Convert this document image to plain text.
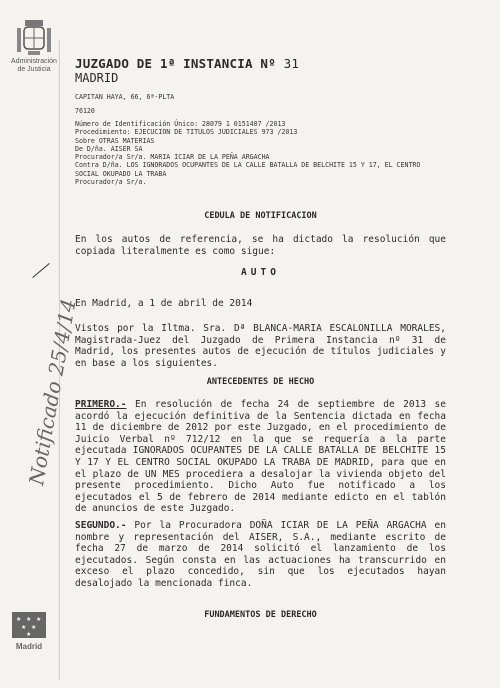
Administración
de Justicia
Notificado 25/4/14
★ ★ ★
★ ★
★
Madrid
JUZGADO DE 1ª INSTANCIA Nº 31
MADRID
CAPITAN HAYA, 66, 6ª-PLTA
76120
Número de Identificación Único: 28079 1 0151407 /2013
Procedimiento: EJECUCION DE TITULOS JUDICIALES 973 /2013
Sobre OTRAS MATERIAS
De D/ña. AISER SA
Procurador/a Sr/a. MARIA ICIAR DE LA PEÑA ARGACHA
Contra D/ña. LOS IGNORADOS OCUPANTES DE LA CALLE BATALLA DE BELCHITE 15 Y 17, EL CENTRO
SOCIAL OKUPADO LA TRABA
Procurador/a Sr/a.
CEDULA DE NOTIFICACION
En los autos de referencia, se ha dictado la resolución que copiada literalmente es como sigue:
AUTO
En Madrid, a 1 de abril de 2014
Vistos por la Iltma. Sra. Dª BLANCA-MARIA ESCALONILLA MORALES, Magistrada-Juez del Juzgado de Primera Instancia nº 31 de Madrid, los presentes autos de ejecución de títulos judiciales y en base a los siguientes.
ANTECEDENTES DE HECHO
PRIMERO.- En resolución de fecha 24 de septiembre de 2013 se acordó la ejecución definitiva de la Sentencia dictada en fecha 11 de diciembre de 2012 por este Juzgado, en el procedimiento de Juicio Verbal nº 712/12 en la que se requería a la parte ejecutada IGNORADOS OCUPANTES DE LA CALLE BATALLA DE BELCHITE 15 Y 17 Y EL CENTRO SOCIAL OKUPADO LA TRABA DE MADRID, para que en el plazo de UN MES procediera a desalojar la vivienda objeto del presente procedimiento. Dicho Auto fue notificado a los ejecutados el 5 de febrero de 2014 mediante edicto en el tablón de anuncios de este Juzgado.
SEGUNDO.- Por la Procuradora DOÑA ICIAR DE LA PEÑA ARGACHA en nombre y representación del AISER, S.A., mediante escrito de fecha 27 de marzo de 2014 solicitó el lanzamiento de los ejecutados. Según consta en las actuaciones ha transcurrido en exceso el plazo concedido, sin que los ejecutados hayan desalojado la mencionada finca.
FUNDAMENTOS DE DERECHO
